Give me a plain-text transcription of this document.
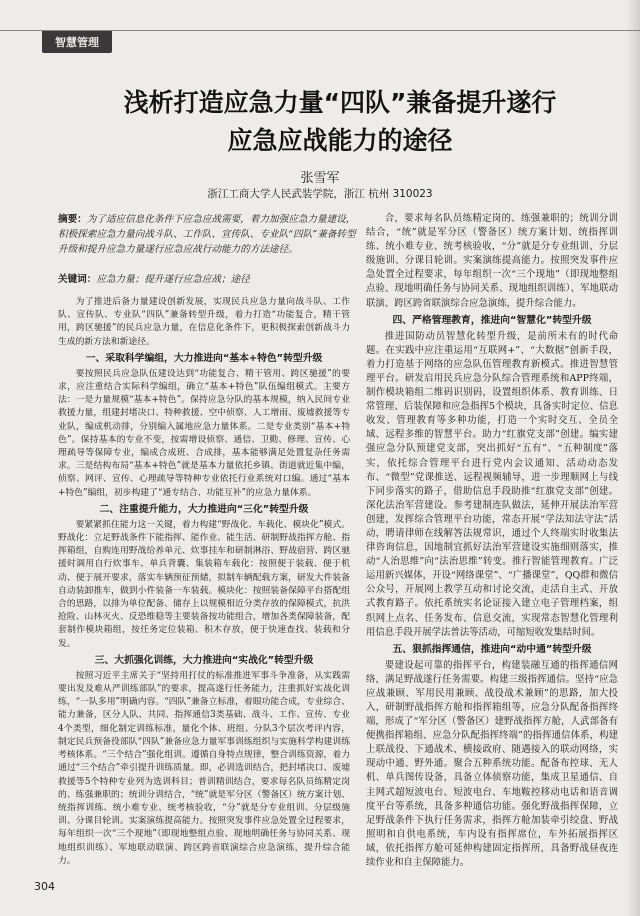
智慧管理
浅析打造应急力量“四队”兼备提升遂行
应急应战能力的途径
张雪军
浙江工商大学人民武装学院，浙江 杭州 310023
摘要：为了适应信息化条件下应急应战需要，着力加强应急力量建设，积极探索应急力量向战斗队、工作队、宣传队、专业队“四队”兼备转型升级和提升应急力量遂行应急应战行动能力的方法途径。
关键词：应急力量；提升遂行应急应战；途径

为了推进后备力量建设创新发展，实现民兵应急力量向战斗队、工作队、宣传队、专业队“四队”兼备转型升级，着力打造“功能复合，精干管用，跨区驰援”的民兵应急力量，在信息化条件下，更积极探索创新战斗力生成的新方法和新途径。

一、采取科学编组，大力推进向“基本+特色”转型升级

要按照民兵应急队伍建设达到“功能复合、精干管用、跨区驰援”的要求，应注重结合实际科学编组，确立“基本+特色”队伍编组模式。主要方法：一是力量规模“基本+特色”。保持应急分队的基本规模，纳入民间专业救援力量，组建封堵决口、特种救援、空中侦察、人工增雨、废墟救援等专业队，编成机动排，分别编入属地应急力量体系。二是专业类别“基本+特色”。保持基本的专业不变，按需增设侦察、通信、卫勤、修理、宣传、心理疏导等保障专业，编成合成班、合成排，基本能够满足处置复杂任务需求。三是结构布局“基本+特色”就是基本力量依托乡镇、街道就近集中编，侦察、网评、宣传、心理疏导等特种专业依托行业系统对口编。通过“基本+特色”编组，初步构建了“通专结合、功能互补”的应急力量体系。

二、注重提升能力，大力推进向“三化”转型升级

要紧紧抓住能力这一关键，着力构建“野战化、车载化、模块化”模式。野战化：立足野战条件下能指挥、能作业、能生活、研制野战指挥方舱、指挥箱组，自购连用野战给养单元、炊事挂车和研制淋浴、野战宿营、跨区驰援时调用自行炊事车、单兵背囊、集装箱车载化：按照便于装载、便于机动、便于展开要求，落实车辆预征预储，拟制车辆配载方案，研发大件装备自动装卸推车，做到小件装备一车装载。模块化：按照装备保障平台搭配组合的思路，以排为单位配备、储存上以规模相近分类存放的保障模式，抗洪抢险、山林灭火、反恐维稳等主要装备按功能组合，增加各类保障装备，配套制作模块箱组，按任务定位装箱、积木存放，便于快速查找、装载和分发。

三、大抓强化训练，大力推进向“实战化”转型升级

按照习近平主席关于“坚持用打仗的标准推进军事斗争准备，从实践需要出发及难从严训练部队”的要求，提高遂行任务能力，注重抓好实战化训练，“一队多用”明确内容。“四队”兼备立标准，着眼功能合成，专业综合、能力兼备，区分人队、共同、指挥通信3类基础、战斗、工作、宣传、专业4个类型，细化制定训练标准，量化个体、班组、分队3个层次考评内容，制定民兵预备役部队“四队”兼备应急力量军事训练组织与实施科学构建训练考核体系。“三个结合”强化组训。遵循自身特点规律，整合训练资源，着力通过“三个结合”牵引提升训练质量。即，必训选训结合，把封堵决口、废墟救援等5个特种专业列为选训科目；普训精训结合，要求每名队员练精定岗的、练强兼职的；统训分训结合，“统”就是军分区（警备区）统方案计划、统指挥训练、统小难专业、统考核验收，“分”就是分专业组训、分层级施训、分课目轮训。实案演练提高能力。按照突发事件应急处置全过程要求，每年组织一次“三个现地”（即现地整组点验、现地明确任务与协同关系、现地组织训练）、军地联动联演、跨区跨省联演综合应急演练，提升综合能力。

合，要求每名队员练精定岗的、练强兼职的；统训分训结合，“统”就是军分区（警备区）统方案计划、统指挥训练、统小难专业、统考核验收，“分”就是分专业组训、分层级施训、分课目轮训。实案演练提高能力。按照突发事件应急处置全过程要求，每年组织一次“三个现地”（即现地整组点验、现地明确任务与协同关系、现地组织训练）、军地联动联演、跨区跨省联演综合应急演练，提升综合能力。

四、严格管理教育，推进向“智慧化”转型升级

推进国防动员智慧化转型升级，是前所未有的时代命题。在实践中应注重运用“互联网+”、“大数据”创新手段，着力打造基于网络的应急队伍管理教育新模式。推进智慧管理平台。研发启用民兵应急分队综合管理系统和APP终端，制作模块箱组二维码识别码，设置组织体系、教育训练、日常管理、后装保障和应急指挥5个模块，具备实时定位、信息收发、管理教育等多种功能，打造一个实时交互、全员全域、远程多维的智慧平台。助力“红旗党支部”创建。编实建强应急分队预建党支部，突出抓好“五有”、“五种制度”落实，依托综合管理平台进行党内会议通知、活动动态发布、“微型”党课推送、远程视频辅导，进一步理顺网上与线下同步落实的路子，借助信息手段助推“红旗党支部”创建。深化法治军营建设。参考建制连队做法，延伸开展法治军营创建，发挥综合管理平台功能，常态开展“学法知法守法”活动，聘请律师在线解答法规常识，通过个人终端实时收集法律咨询信息，因地制宜抓好法治军营建设实施细则落实，推动“人治思维”向“法治思维”转变。推行智能管理教育。广泛运用新兴媒体，开设“网络课堂”、“广播课堂”，QQ群和微信公众号，开展网上教学互动和讨论交流，走活自主式、开放式教育路子。依托系统实名论证接入建立电子管理档案，组织网上点名、任务发布、信息交流，实现常态智慧化管理利用信息手段开展学法普法等活动，可缩短收发集结时间。

五、狠抓指挥通信，推进向“动中通”转型升级

要建设起可靠的指挥平台，构建装融互通的指挥通信网络，满足野战遂行任务需要。构建三级指挥通信。坚持“应急应战兼顾、军用民用兼顾、战役战术兼顾”的思路，加大投入，研制野战指挥方舱和指挥箱组等，应急分队配备指挥终端，形成了“军分区（警备区）建野战指挥方舱，人武部备有便携指挥箱组、应急分队配指挥终端”的指挥通信体系，构建上联战役、下通战术、横接政府、随遇接入的联动网络，实现动中通、野外通。聚合五种系统功能。配备布控球、无人机、单兵图传设备，具备立体侦察功能，集成卫星通信、自主网式超短波电台、短波电台、车地鞍控移动电话和语音调度平台等系统，具备多种通信功能。强化野战指挥保障，立足野战条件下执行任务需求，指挥方舱加装牵引绞盘、野战照明和自供电系统，车内设有指挥席位，车外拓展指挥区域，依托指挥方舱可延伸构建固定指挥所，具备野战昼夜连续作业和自主保障能力。

304
